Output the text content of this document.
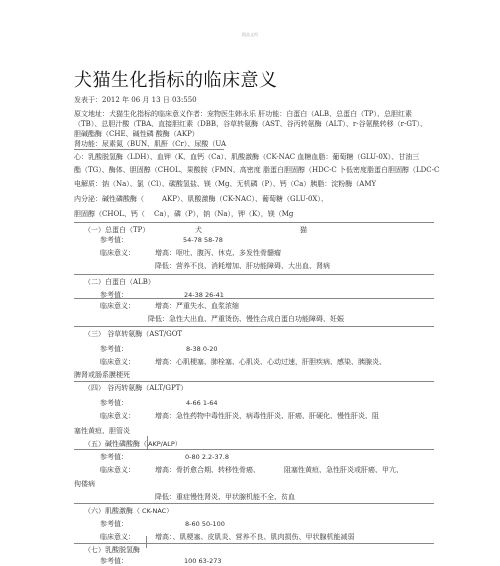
精品文档
犬猫生化指标的临床意义
发表于：2012 年 06 月 13 日 03:550
原文地址：犬猫生化指标的临床意义作者：宠物医生韩永乐 肝功能：白蛋白（ALB、总蛋白（TP）、总胆红素
（TB）、总胆汁酸（TBA、直接胆红素（DBB、谷草转氨酶（AST、谷丙转氨酶（ALT）、r-谷氨酰转移（r-GT）、
胆碱酯酶（CHE、碱性磷 酸酶（AKP）
肾功能：尿素氮（BUN、肌酐（Cr）、尿酸（UA
心：乳酸脱氢酶（LDH）、血钾（K、血钙（Ca）、肌酸激酶（CK-NAC 血糖血脂：葡萄糖（GLU-0X）、甘油三
酯（TG）、酶体、胆固醇（CHOL、果酸胺（FMN、高密度 脂蛋白胆固醇（HDC-C 卜低密度脂蛋白胆固醇（LDC-C
电解质：钠（Na）、氯（Cl）、碳酸氢盐、镁（Mg、无机磷（P）、钙（Ca）胰脂：淀粉酶（AMY
内分泌：碱性磷酸酶（	AKP）、肌酸激酶（CK-NAC）、葡萄糖（GLU-0X）、
胆固醇（CHOL、钙（ Ca），磷（P），钠（Na），钾（K），镁（Mg
（一）总蛋白（TP）	犬	猫
参考值：	54-78 58-78
临床意义：	增高：呕吐、腹泻、休克、多发性骨髓瘤
降低：营养不良、消耗增加、肝功能障碍、大出血、肾病
（二）白蛋白（ALB）
参考值：	24-38 26-41
临床意义：	增高：严重失水、血浆浓缩
降低：急性大出血、严重烫伤、慢性合成白蛋白功能障碍、妊娠
（三） 谷草转氨酶（AST/GOT
参考值：	8-38 0-20
临床意义：	增高：心肌梗塞、肺栓塞、心肌炎、心动过速，肝胆疾病、感染、胰腺炎、
脾肾或肠系膜梗死
（四） 谷丙转氨酶（ALT/GPT）
参考值：	4-66 1-64
临床意义：	增高：急性药物中毒性肝炎、病毒性肝炎、肝癌、肝硬化、慢性肝炎、阻
塞性黄疸、胆管炎
（五）碱性磷酸酶（ AKP/ALP）
参考值：	0-80 2.2-37.8
临床意义：	增高：骨折愈合期、转移性骨癌、	阻塞性黄疸、急性肝炎或肝癌、甲亢、
佝偻病
降低：重症慢性肾炎、甲状腺机能不全、贫血
（六）肌酸激酶（ CK-NAC）
参考值：	8-60 50-100
临床意义：	增高：、肌梗塞、皮肌炎、营养不良、肌肉损伤、甲状腺机能减弱
（七）乳酸脱氢酶
参考值：	100 63-273
